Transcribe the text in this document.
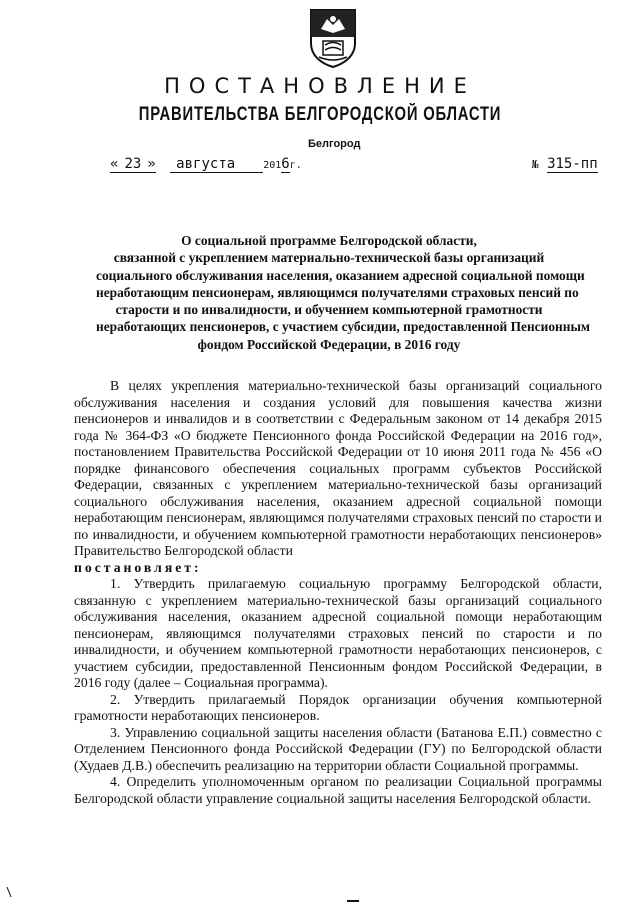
ПОСТАНОВЛЕНИЕ
ПРАВИТЕЛЬСТВА БЕЛГОРОДСКОЙ ОБЛАСТИ
Белгород
« 23 » августа	2016г.	№ 315-пп
О социальной программе Белгородской области,
связанной с укреплением материально-технической базы организаций
социального обслуживания населения, оказанием адресной социальной помощи
неработающим пенсионерам, являющимся получателями страховых пенсий по
старости и по инвалидности, и обучением компьютерной грамотности
неработающих пенсионеров, с участием субсидии, предоставленной Пенсионным
фондом Российской Федерации, в 2016 году

В целях укрепления материально-технической базы организаций социального обслуживания населения и создания условий для повышения качества жизни пенсионеров и инвалидов и в соответствии с Федеральным законом от 14 декабря 2015 года № 364-ФЗ «О бюджете Пенсионного фонда Российской Федерации на 2016 год», постановлением Правительства Российской Федерации от 10 июня 2011 года № 456 «О порядке финансового обеспечения социальных программ субъектов Российской Федерации, связанных с укреплением материально-технической базы организаций социального обслуживания населения, оказанием адресной социальной помощи неработающим пенсионерам, являющимся получателями страховых пенсий по старости и по инвалидности, и обучением компьютерной грамотности неработающих пенсионеров» Правительство Белгородской области

постановляет:

1. Утвердить прилагаемую социальную программу Белгородской области, связанную с укреплением материально-технической базы организаций социального обслуживания населения, оказанием адресной социальной помощи неработающим пенсионерам, являющимся получателями страховых пенсий по старости и по инвалидности, и обучением компьютерной грамотности неработающих пенсионеров, с участием субсидии, предоставленной Пенсионным фондом Российской Федерации, в 2016 году (далее – Социальная программа).

2. Утвердить прилагаемый Порядок организации обучения компьютерной грамотности неработающих пенсионеров.

3. Управлению социальной защиты населения области (Батанова Е.П.) совместно с Отделением Пенсионного фонда Российской Федерации (ГУ) по Белгородской области (Худаев Д.В.) обеспечить реализацию на территории области Социальной программы.

4. Определить уполномоченным органом по реализации Социальной программы Белгородской области управление социальной защиты населения Белгородской области.
